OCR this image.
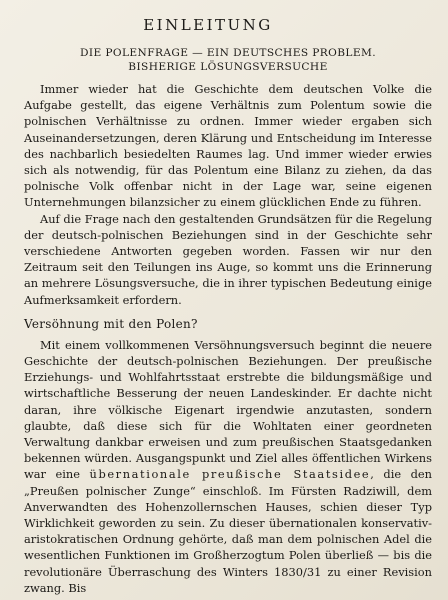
EINLEITUNG
DIE POLENFRAGE — EIN DEUTSCHES PROBLEM.
BISHERIGE LÖSUNGSVERSUCHE

Immer wieder hat die Geschichte dem deutschen Volke die Aufgabe gestellt, das eigene Verhältnis zum Polentum sowie die polnischen Verhältnisse zu ordnen. Immer wieder ergaben sich Auseinandersetzungen, deren Klärung und Entscheidung im Interesse des nachbarlich besiedelten Raumes lag. Und immer wieder erwies sich als notwendig, für das Polentum eine Bilanz zu ziehen, da das polnische Volk offenbar nicht in der Lage war, seine eigenen Unternehmungen bilanzsicher zu einem glücklichen Ende zu führen.

Auf die Frage nach den gestaltenden Grundsätzen für die Regelung der deutsch-polnischen Beziehungen sind in der Geschichte sehr verschiedene Antworten gegeben worden. Fassen wir nur den Zeitraum seit den Teilungen ins Auge, so kommt uns die Erinnerung an mehrere Lösungsversuche, die in ihrer typischen Bedeutung einige Aufmerksamkeit erfordern.

Versöhnung mit den Polen?

Mit einem vollkommenen Versöhnungsversuch beginnt die neuere Geschichte der deutsch-polnischen Beziehungen. Der preußische Erziehungs- und Wohlfahrtsstaat erstrebte die bildungsmäßige und wirtschaftliche Besserung der neuen Landeskinder. Er dachte nicht daran, ihre völkische Eigenart irgendwie anzutasten, sondern glaubte, daß diese sich für die Wohltaten einer geordneten Verwaltung dankbar erweisen und zum preußischen Staatsgedanken bekennen würden. Ausgangspunkt und Ziel alles öffentlichen Wirkens war eine übernationale preußische Staatsidee, die den „Preußen polnischer Zunge“ einschloß. Im Fürsten Radziwill, dem Anverwandten des Hohenzollernschen Hauses, schien dieser Typ Wirklichkeit geworden zu sein. Zu dieser übernationalen konservativ-aristokratischen Ordnung gehörte, daß man dem polnischen Adel die wesentlichen Funktionen im Großherzogtum Polen überließ — bis die revolutionäre Überraschung des Winters 1830/31 zu einer Revision zwang. Bis
